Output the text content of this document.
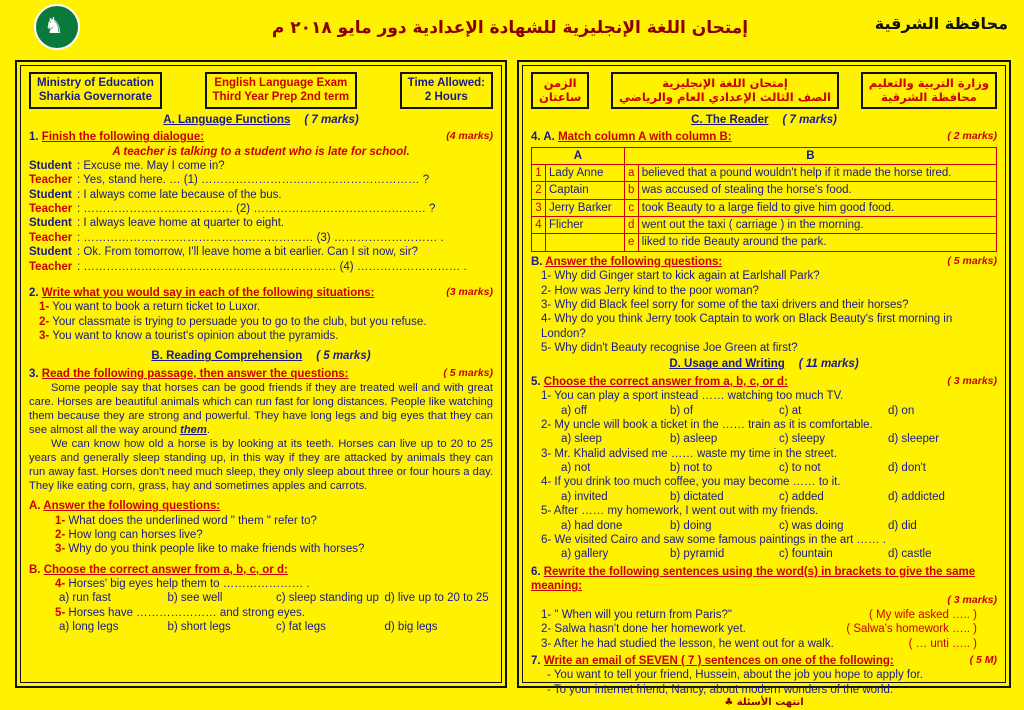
♞	إمتحان اللغة الإنجليزية للشهادة الإعدادية دور مايو ٢٠١٨ م	محافظة الشرقية
Ministry of Education
Sharkia Governorate
English Language Exam
Third Year Prep 2nd term
Time Allowed:
2 Hours
A. Language Functions ( 7 marks)
1. Finish the following dialogue:	(4 marks)
A teacher is talking to a student who is late for school.
Student : Excuse me. May I come in?
Teacher : Yes, stand here. … (1) ………………………………………………… ?
Student : I always come late because of the bus.
Teacher : ………………………………… (2) ……………………………………… ?
Student : I always leave home at quarter to eight.
Teacher : …………………………………………………… (3) ……………………… .
Student : Ok. From tomorrow, I'll leave home a bit earlier. Can I sit now, sir?
Teacher : ………………………………………………………… (4) ……………………… .
2. Write what you would say in each of the following situations:	(3 marks)
1- You want to book a return ticket to Luxor.
2- Your classmate is trying to persuade you to go to the club, but you refuse.
3- You want to know a tourist's opinion about the pyramids.
B. Reading Comprehension ( 5 marks)
3. Read the following passage, then answer the questions:	( 5 marks)
Some people say that horses can be good friends if they are treated well and with great care. Horses are beautiful animals which can run fast for long distances. People like watching them because they are strong and powerful. They have long legs and big eyes that they can see almost all the way around them.
We can know how old a horse is by looking at its teeth. Horses can live up to 20 to 25 years and generally sleep standing up, in this way if they are attacked by animals they can run away fast. Horses don't need much sleep, they only sleep about three or four hours a day. They like eating corn, grass, hay and sometimes apples and carrots.
A. Answer the following questions:
1- What does the underlined word " them " refer to?
2- How long can horses live?
3- Why do you think people like to make friends with horses?
B. Choose the correct answer from a, b, c, or d:
4- Horses' big eyes help them to ………………… .
a) run fast	b) see well	c) sleep standing up d) live up to 20 to 25
5- Horses have ………………… and strong eyes.
a) long legs	b) short legs	c) fat legs	d) big legs
الزمن
ساعتان
إمتحان اللغة الإنجليزية
الصف الثالث الإعدادي العام والرياضي
وزارة التربية والتعليم
محافظة الشرقية
C. The Reader ( 7 marks)
4. A. Match column A with column B:	( 2 marks)
A		B	
1	Lady Anne	a	believed that a pound wouldn't help if it made the horse tired.
2	Captain	b	was accused of stealing the horse's food.
3	Jerry Barker	c	took Beauty to a large field to give him good food.
4	Flicher	d	went out the taxi ( carriage ) in the morning.
		e	liked to ride Beauty around the park.
B. Answer the following questions:	( 5 marks)
1- Why did Ginger start to kick again at Earlshall Park?
2- How was Jerry kind to the poor woman?
3- Why did Black feel sorry for some of the taxi drivers and their horses?
4- Why do you think Jerry took Captain to work on Black Beauty's first morning in London?
5- Why didn't Beauty recognise Joe Green at first?
D. Usage and Writing ( 11 marks)
5. Choose the correct answer from a, b, c, or d:	( 3 marks)
1- You can play a sport instead …… watching too much TV.
a) off	b) of	c) at	d) on
2- My uncle will book a ticket in the …… train as it is comfortable.
a) sleep	b) asleep	c) sleepy	d) sleeper
3- Mr. Khalid advised me …… waste my time in the street.
a) not	b) not to	c) to not	d) don't
4- If you drink too much coffee, you may become …… to it.
a) invited	b) dictated	c) added	d) addicted
5- After …… my homework, I went out with my friends.
a) had done	b) doing	c) was doing	d) did
6- We visited Cairo and saw some famous paintings in the art …… .
a) gallery	b) pyramid	c) fountain	d) castle
6. Rewrite the following sentences using the word(s) in brackets to give the same meaning:
( 3 marks)
1- " When will you return from Paris?"	( My wife asked ….. )
2- Salwa hasn't done her homework yet.	( Salwa's homework ….. )
3- After he had studied the lesson, he went out for a walk.	( … unti ….. )
7. Write an email of SEVEN ( 7 ) sentences on one of the following:	( 5 M)
- You want to tell your friend, Hussein, about the job you hope to apply for.
- To your internet friend, Nancy, about modern wonders of the world.
انتهت الأسئلة ♣
